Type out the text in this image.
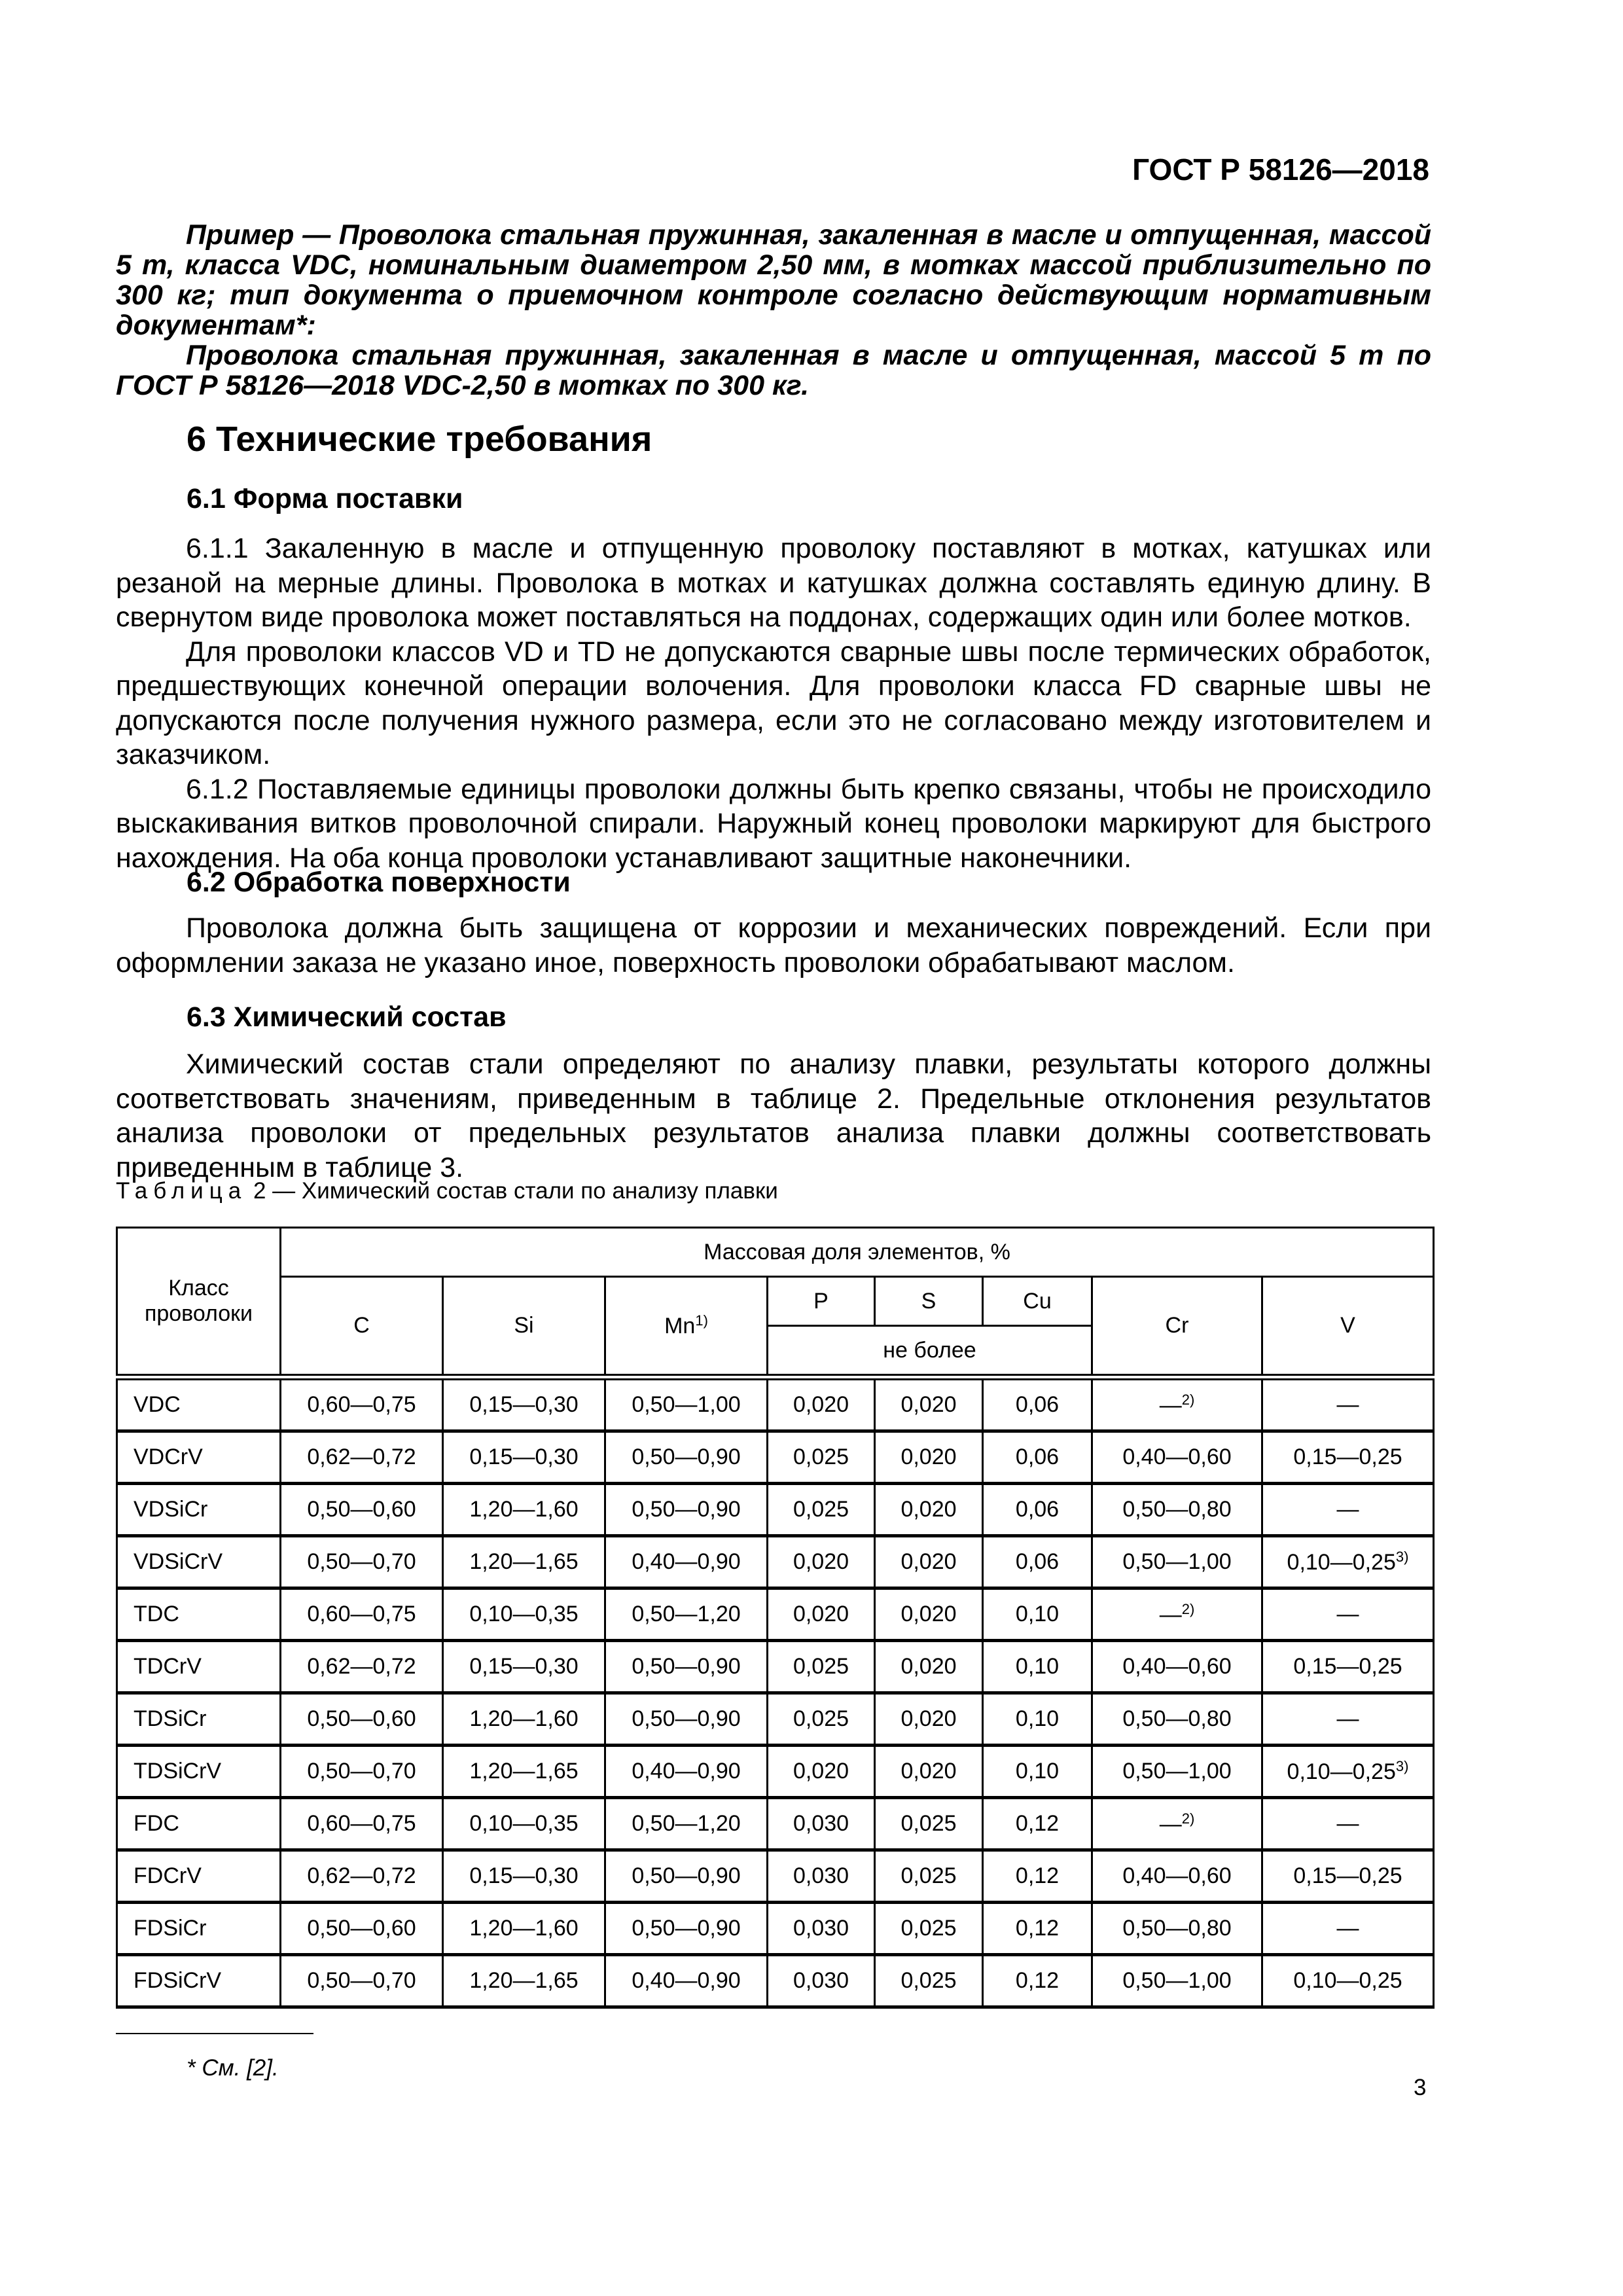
ГОСТ Р 58126—2018

Пример — Проволока стальная пружинная, закаленная в масле и отпущенная, массой 5 т, класса VDC, номинальным диаметром 2,50 мм, в мотках массой приблизительно по 300 кг; тип документа о приемочном контроле согласно действующим нормативным документам*:

Проволока стальная пружинная, закаленная в масле и отпущенная, массой 5 т по ГОСТ Р 58126—2018 VDC-2,50 в мотках по 300 кг.

6 Технические требования
6.1 Форма поставки

6.1.1 Закаленную в масле и отпущенную проволоку поставляют в мотках, катушках или резаной на мерные длины. Проволока в мотках и катушках должна составлять единую длину. В свернутом виде проволока может поставляться на поддонах, содержащих один или более мотков.

Для проволоки классов VD и TD не допускаются сварные швы после термических обработок, предшествующих конечной операции волочения. Для проволоки класса FD сварные швы не допускаются после получения нужного размера, если это не согласовано между изготовителем и заказчиком.

6.1.2 Поставляемые единицы проволоки должны быть крепко связаны, чтобы не происходило выскакивания витков проволочной спирали. Наружный конец проволоки маркируют для быстрого нахождения. На оба конца проволоки устанавливают защитные наконечники.

6.2 Обработка поверхности

Проволока должна быть защищена от коррозии и механических повреждений. Если при оформлении заказа не указано иное, поверхность проволоки обрабатывают маслом.

6.3 Химический состав

Химический состав стали определяют по анализу плавки, результаты которого должны соответствовать значениям, приведенным в таблице 2. Предельные отклонения результатов анализа проволоки от предельных результатов анализа плавки должны соответствовать приведенным в таблице 3.

Таблица 2 — Химический состав стали по анализу плавки
Класс проволоки	Массовая доля элементов, %							
	C	Si	Mn$^{1)}$	P	S	Cu	Cr	V
				не более				
VDC	0,60—0,75	0,15—0,30	0,50—1,00	0,020	0,020	0,06	—$^{2)}$	—
VDCrV	0,62—0,72	0,15—0,30	0,50—0,90	0,025	0,020	0,06	0,40—0,60	0,15—0,25
VDSiCr	0,50—0,60	1,20—1,60	0,50—0,90	0,025	0,020	0,06	0,50—0,80	—
VDSiCrV	0,50—0,70	1,20—1,65	0,40—0,90	0,020	0,020	0,06	0,50—1,00	0,10—0,25$^{3)}$
TDC	0,60—0,75	0,10—0,35	0,50—1,20	0,020	0,020	0,10	—$^{2)}$	—
TDCrV	0,62—0,72	0,15—0,30	0,50—0,90	0,025	0,020	0,10	0,40—0,60	0,15—0,25
TDSiCr	0,50—0,60	1,20—1,60	0,50—0,90	0,025	0,020	0,10	0,50—0,80	—
TDSiCrV	0,50—0,70	1,20—1,65	0,40—0,90	0,020	0,020	0,10	0,50—1,00	0,10—0,25$^{3)}$
FDC	0,60—0,75	0,10—0,35	0,50—1,20	0,030	0,025	0,12	—$^{2)}$	—
FDCrV	0,62—0,72	0,15—0,30	0,50—0,90	0,030	0,025	0,12	0,40—0,60	0,15—0,25
FDSiCr	0,50—0,60	1,20—1,60	0,50—0,90	0,030	0,025	0,12	0,50—0,80	—
FDSiCrV	0,50—0,70	1,20—1,65	0,40—0,90	0,030	0,025	0,12	0,50—1,00	0,10—0,25
* См. [2].
3
